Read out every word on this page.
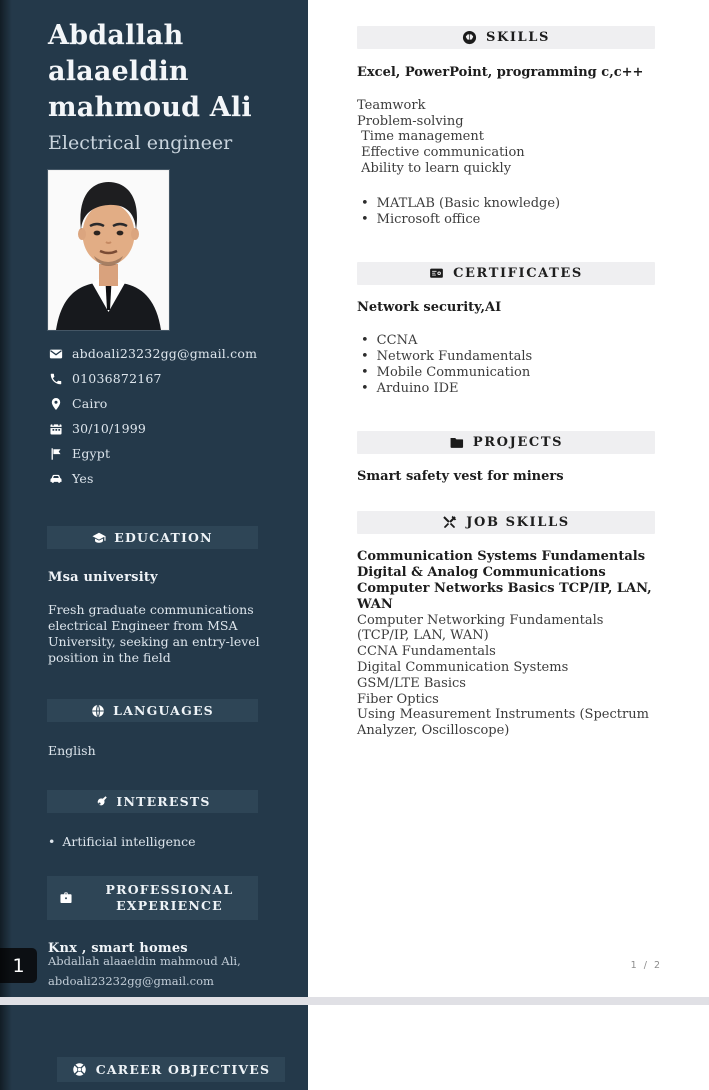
Abdallah alaaeldin mahmoud Ali
Electrical engineer
abdoali23232gg@gmail.com
01036872167
Cairo
30/10/1999
Egypt
Yes
EDUCATION
Msa university
Fresh graduate communications electrical Engineer from MSA University, seeking an entry-level position in the field
LANGUAGES
English
INTERESTS
• Artificial intelligence
PROFESSIONAL EXPERIENCE
Knx , smart homes
1	Abdallah alaaeldin mahmoud Ali,
abdoali23232gg@gmail.com
SKILLS
Excel, PowerPoint, programming c,c++
Teamwork
Problem-solving
Time management
Effective communication
Ability to learn quickly
• MATLAB (Basic knowledge)
• Microsoft office
CERTIFICATES
Network security,AI
• CCNA
• Network Fundamentals
• Mobile Communication
• Arduino IDE
PROJECTS
Smart safety vest for miners
JOB SKILLS
Communication Systems Fundamentals  Digital & Analog Communications  Computer Networks Basics TCP/IP, LAN, WAN
Computer Networking Fundamentals (TCP/IP, LAN, WAN)
CCNA Fundamentals
Digital Communication Systems
GSM/LTE Basics
Fiber Optics
Using Measurement Instruments (Spectrum Analyzer, Oscilloscope)
1 / 2
CAREER OBJECTIVES
